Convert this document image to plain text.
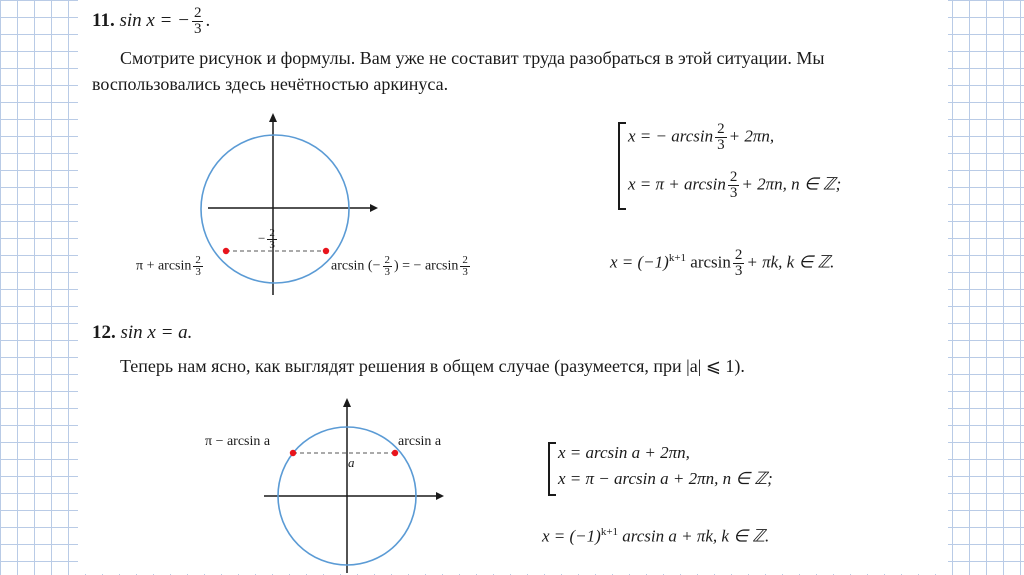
11. sin x = − $\frac{2}{3}$ .
Смотрите рисунок и формулы. Вам уже не составит труда разобраться в этой ситуации. Мы
воспользовались здесь нечётностью аркинуса.
− $\frac{2}{3}$
$\pi + \arcsin \frac{2}{3}$	arcsin (− $\frac{2}{3}$ ) = − $\arcsin \frac{2}{3}$
x = − $\arcsin \frac{2}{3} + 2\pi n$,
$x = \pi + \arcsin \frac{2}{3} + 2\pi n$, n ∈ ℤ;
$x = (-1)^{k+1}$ $\arcsin \frac{2}{3} + \pi k$, k ∈ ℤ.
12. sin x = a.
Теперь нам ясно, как выглядят решения в общем случае (разумеется, при |a| ⩽ 1).
a
π − arcsin a	arcsin a
x = arcsin a + 2πn,
x = π − arcsin a + 2πn, n ∈ ℤ;
$x = (-1)^{k+1}$ arcsin a + πk, k ∈ ℤ.
